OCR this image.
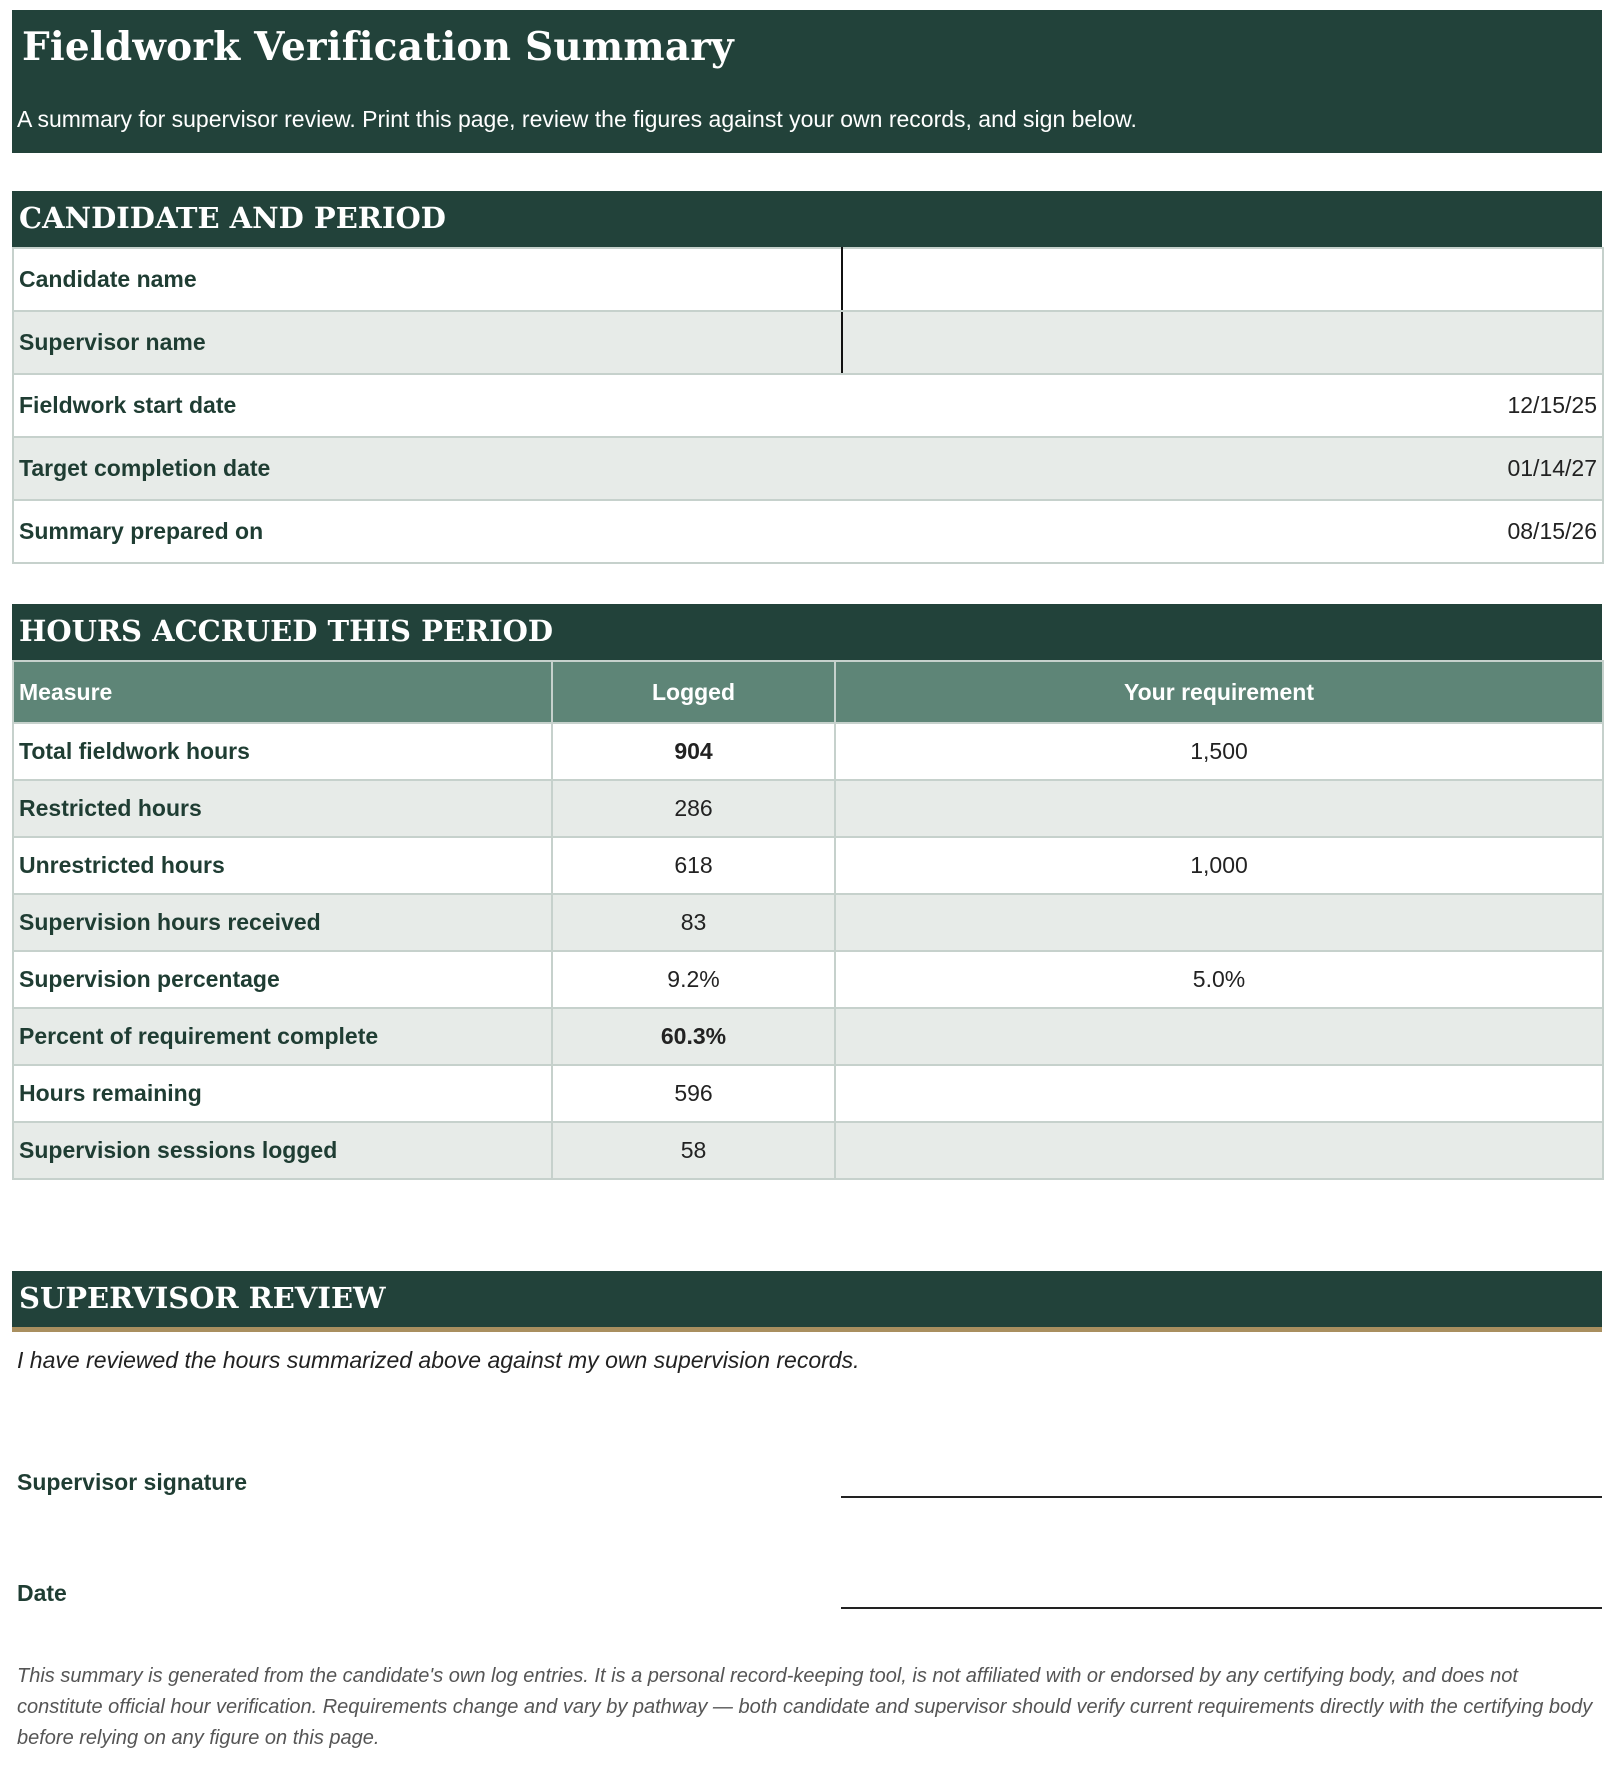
Fieldwork Verification Summary

A summary for supervisor review. Print this page, review the figures against your own records, and sign below.

CANDIDATE AND PERIOD
Candidate name	
Supervisor name	
Fieldwork start date	12/15/25
Target completion date	01/14/27
Summary prepared on	08/15/26
HOURS ACCRUED THIS PERIOD
Measure	Logged	Your requirement
Total fieldwork hours	904	1,500
Restricted hours	286	
Unrestricted hours	618	1,000
Supervision hours received	83	
Supervision percentage	9.2%	5.0%
Percent of requirement complete	60.3%	
Hours remaining	596	
Supervision sessions logged	58	
SUPERVISOR REVIEW
I have reviewed the hours summarized above against my own supervision records.
Supervisor signature
Date
This summary is generated from the candidate's own log entries. It is a personal record-keeping tool, is not affiliated with or endorsed by any certifying body, and does not constitute official hour verification. Requirements change and vary by pathway — both candidate and supervisor should verify current requirements directly with the certifying body before relying on any figure on this page.
